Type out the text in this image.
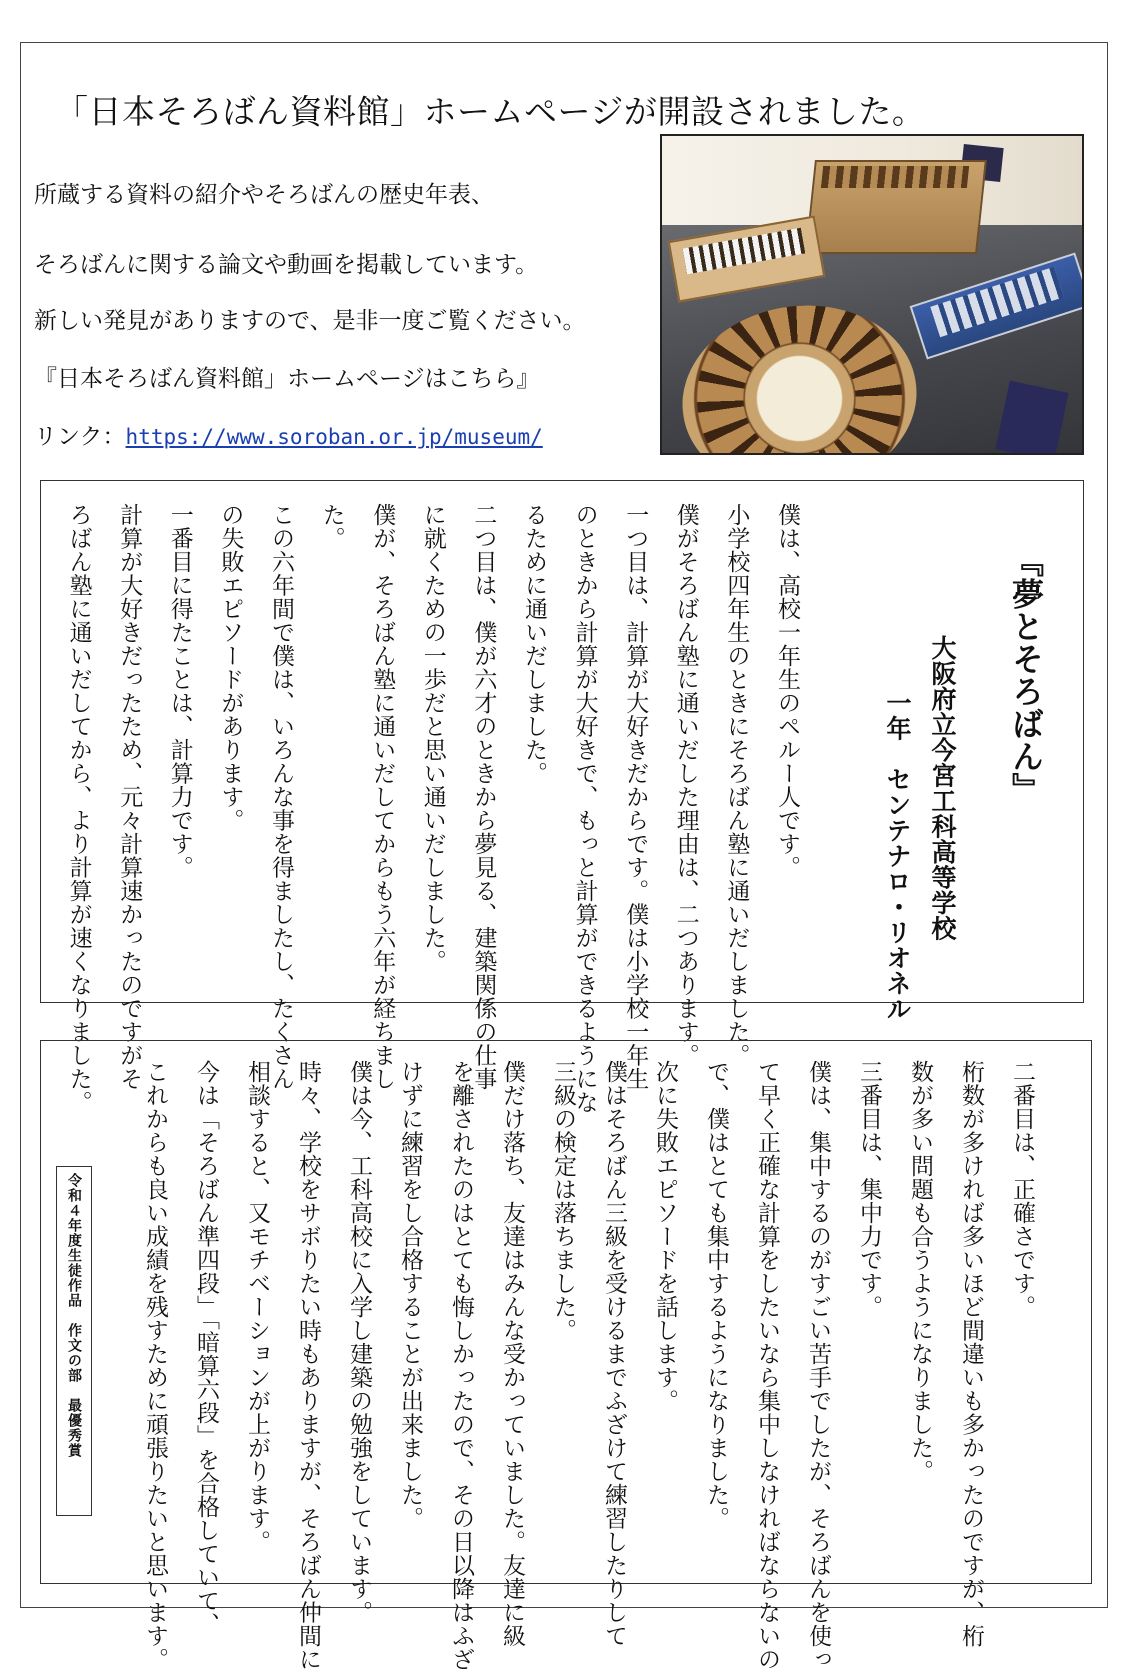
「日本そろばん資料館」ホームページが開設されました。
所蔵する資料の紹介やそろばんの歴史年表、
そろばんに関する論文や動画を掲載しています。
新しい発見がありますので、是非一度ご覧ください。
『日本そろばん資料館」ホームページはこちら』
リンク：https://www.soroban.or.jp/museum/
『夢とそろばん』
大阪府立今宮工科高等学校
一年　センテナロ・リオネル
僕は、高校一年生のペルー人です。
小学校四年生のときにそろばん塾に通いだしました。
僕がそろばん塾に通いだした理由は、二つあります。
一つ目は、計算が大好きだからです。僕は小学校一年生
のときから計算が大好きで、もっと計算ができるようにな
るために通いだしました。
二つ目は、僕が六才のときから夢見る、建築関係の仕事
に就くための一歩だと思い通いだしました。
僕が、そろばん塾に通いだしてからもう六年が経ちまし
た。
この六年間で僕は、いろんな事を得ましたし、たくさん
の失敗エピソードがあります。
一番目に得たことは、計算力です。
計算が大好きだったため、元々計算速かったのですがそ
ろばん塾に通いだしてから、より計算が速くなりました。
二番目は、正確さです。
桁数が多ければ多いほど間違いも多かったのですが、桁
数が多い問題も合うようになりました。
三番目は、集中力です。
僕は、集中するのがすごい苦手でしたが、そろばんを使っ
て早く正確な計算をしたいなら集中しなければならないの
で、僕はとても集中するようになりました。
次に失敗エピソードを話します。
僕はそろばん三級を受けるまでふざけて練習したりして
三級の検定は落ちました。
僕だけ落ち、友達はみんな受かっていました。友達に級
を離されたのはとても悔しかったので、その日以降はふざ
けずに練習をし合格することが出来ました。
僕は今、工科高校に入学し建築の勉強をしています。
時々、学校をサボりたい時もありますが、そろばん仲間に
相談すると、又モチベーションが上がります。
今は「そろばん準四段」「暗算六段」を合格していて、
これからも良い成績を残すために頑張りたいと思います。
令和４年度生徒作品　作文の部　最優秀賞
